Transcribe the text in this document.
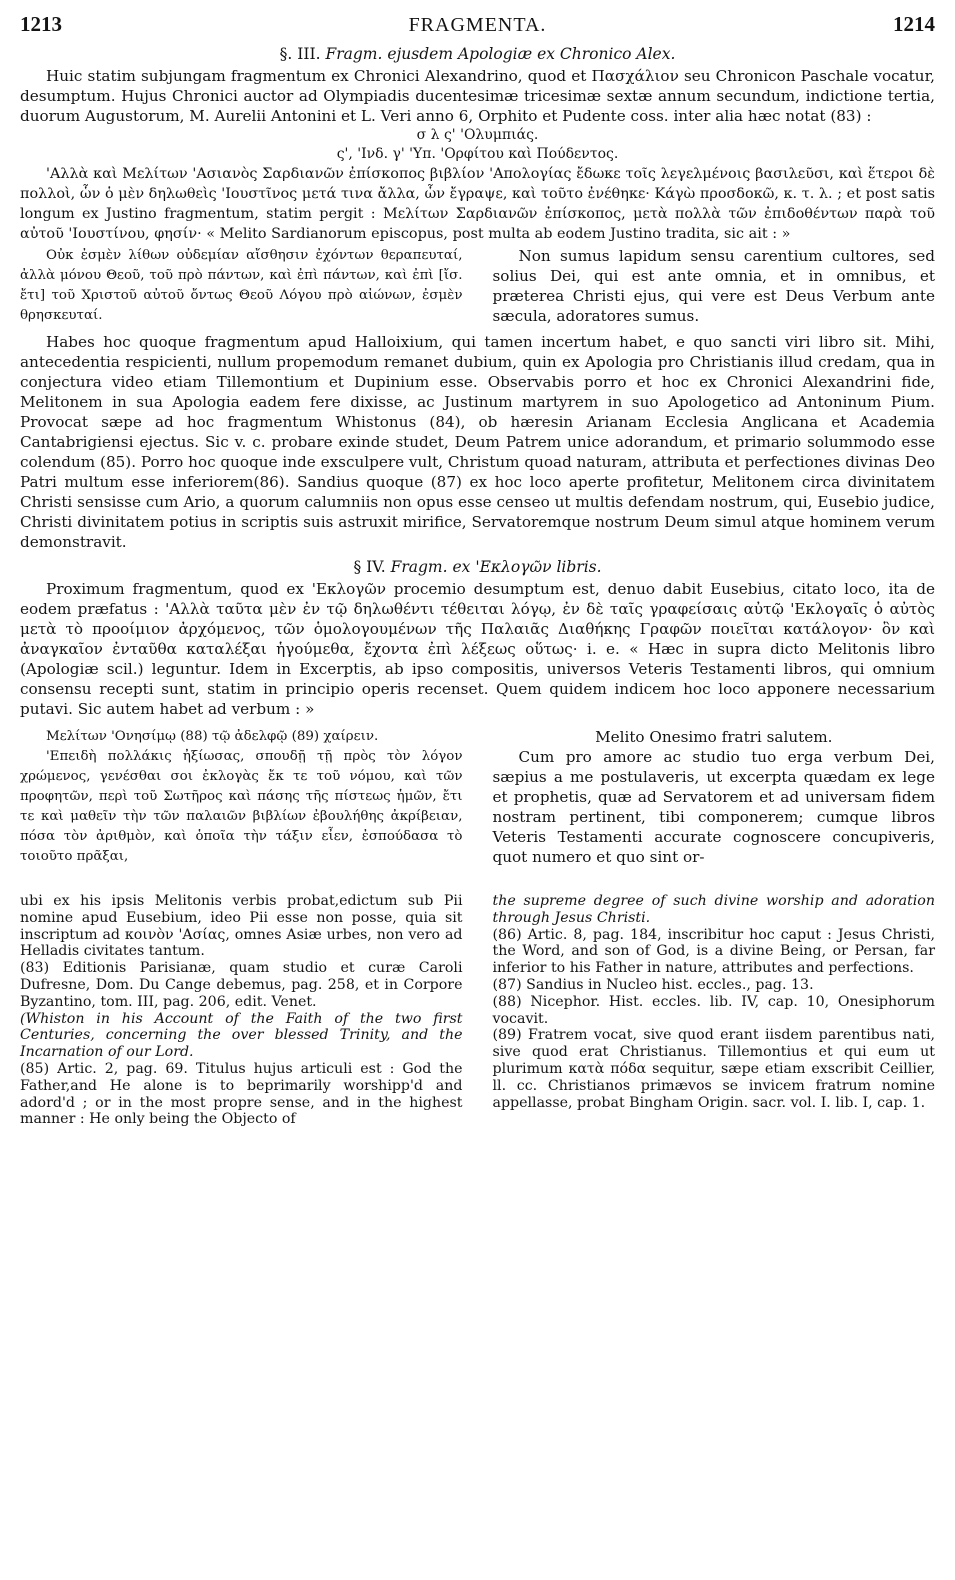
1213	FRAGMENTA.	1214
§. III. Fragm. ejusdem Apologiæ ex Chronico Alex.

Huic statim subjungam fragmentum ex Chronici Alexandrino, quod et Πασχάλιον seu Chronicon Paschale vocatur, desumptum. Hujus Chronici auctor ad Olympiadis ducentesimæ tricesimæ sextæ annum secundum, indictione tertia, duorum Augustorum, M. Aurelii Antonini et L. Veri anno 6, Orphito et Pudente coss. inter alia hæc notat (83) :

σ λ ς' 'Ολυμπιάς.

ς', 'Ινδ. γ' 'Υπ. 'Ορφίτου καὶ Πούδεντος.

'Αλλὰ καὶ Μελίτων 'Ασιανὸς Σαρδιανῶν ἐπίσκοπος βιβλίον 'Απολογίας ἔδωκε τοῖς λεγελμένοις βασιλεῦσι, καὶ ἕτεροι δὲ πολλοὶ, ὧν ὁ μὲν δηλωθεὶς 'Ιουστῖνος μετά τινα ἄλλα, ὧν ἔγραψε, καὶ τοῦτο ἐνέθηκε· Κάγὼ προσδοκῶ, κ. τ. λ. ; et post satis longum ex Justino fragmentum, statim pergit : Μελίτων Σαρδιανῶν ἐπίσκοπος, μετὰ πολλὰ τῶν ἐπιδοθέντων παρὰ τοῦ αὐτοῦ 'Ιουστίνου, φησίν· « Melito Sardianorum episcopus, post multa ab eodem Justino tradita, sic ait : »

Οὐκ ἐσμὲν λίθων οὐδεμίαν αἴσθησιν ἐχόντων θεραπευταί, ἀλλὰ μόνου Θεοῦ, τοῦ πρὸ πάντων, καὶ ἐπὶ πάντων, καὶ ἐπὶ [ἴσ. ἔτι] τοῦ Χριστοῦ αὐτοῦ ὄντως Θεοῦ Λόγου πρὸ αἰώνων, ἐσμὲν θρησκευταί.
Non sumus lapidum sensu carentium cultores, sed solius Dei, qui est ante omnia, et in omnibus, et præterea Christi ejus, qui vere est Deus Verbum ante sæcula, adoratores sumus.

Habes hoc quoque fragmentum apud Halloixium, qui tamen incertum habet, e quo sancti viri libro sit. Mihi, antecedentia respicienti, nullum propemodum remanet dubium, quin ex Apologia pro Christianis illud credam, qua in conjectura video etiam Tillemontium et Dupinium esse. Observabis porro et hoc ex Chronici Alexandrini fide, Melitonem in sua Apologia eadem fere dixisse, ac Justinum martyrem in suo Apologetico ad Antoninum Pium. Provocat sæpe ad hoc fragmentum Whistonus (84), ob hæresin Arianam Ecclesia Anglicana et Academia Cantabrigiensi ejectus. Sic v. c. probare exinde studet, Deum Patrem unice adorandum, et primario solummodo esse colendum (85). Porro hoc quoque inde exsculpere vult, Christum quoad naturam, attributa et perfectiones divinas Deo Patri multum esse inferiorem(86). Sandius quoque (87) ex hoc loco aperte profitetur, Melitonem circa divinitatem Christi sensisse cum Ario, a quorum calumniis non opus esse censeo ut multis defendam nostrum, qui, Eusebio judice, Christi divinitatem potius in scriptis suis astruxit mirifice, Servatoremque nostrum Deum simul atque hominem verum demonstravit.

§ IV. Fragm. ex 'Εκλογῶν libris.

Proximum fragmentum, quod ex 'Εκλογῶν procemio desumptum est, denuo dabit Eusebius, citato loco, ita de eodem præfatus : 'Αλλὰ ταῦτα μὲν ἐν τῷ δηλωθέντι τέθειται λόγῳ, ἐν δὲ ταῖς γραφείσαις αὐτῷ 'Εκλογαῖς ὁ αὐτὸς μετὰ τὸ προοίμιον ἀρχόμενος, τῶν ὁμολογουμένων τῆς Παλαιᾶς Διαθήκης Γραφῶν ποιεῖται κατάλογον· ὃν καὶ ἀναγκαῖον ἐνταῦθα καταλέξαι ἡγούμεθα, ἔχοντα ἐπὶ λέξεως οὕτως· i. e. « Hæc in supra dicto Melitonis libro (Apologiæ scil.) leguntur. Idem in Excerptis, ab ipso compositis, universos Veteris Testamenti libros, qui omnium consensu recepti sunt, statim in principio operis recenset. Quem quidem indicem hoc loco apponere necessarium putavi. Sic autem habet ad verbum : »

Μελίτων 'Ονησίμῳ (88) τῷ ἀδελφῷ (89) χαίρειν.

'Επειδὴ πολλάκις ἠξίωσας, σπουδῇ τῇ πρὸς τὸν λόγον χρώμενος, γενέσθαι σοι ἐκλογὰς ἔκ τε τοῦ νόμου, καὶ τῶν προφητῶν, περὶ τοῦ Σωτῆρος καὶ πάσης τῆς πίστεως ἡμῶν, ἔτι τε καὶ μαθεῖν τὴν τῶν παλαιῶν βιβλίων ἐβουλήθης ἀκρίβειαν, πόσα τὸν ἀριθμὸν, καὶ ὁποῖα τὴν τάξιν εἶεν, ἐσπούδασα τὸ τοιοῦτο πρᾶξαι,

Melito Onesimo fratri salutem.

Cum pro amore ac studio tuo erga verbum Dei, sæpius a me postulaveris, ut excerpta quædam ex lege et prophetis, quæ ad Servatorem et ad universam fidem nostram pertinent, tibi componerem; cumque libros Veteris Testamenti accurate cognoscere concupiveris, quot numero et quo sint or-

ubi ex his ipsis Melitonis verbis probat,edictum sub Pii nomine apud Eusebium, ideo Pii esse non posse, quia sit inscriptum ad κοινὸν 'Ασίας, omnes Asiæ urbes, non vero ad Helladis civitates tantum.

(83) Editionis Parisianæ, quam studio et curæ Caroli Dufresne, Dom. Du Cange debemus, pag. 258, et in Corpore Byzantino, tom. III, pag. 206, edit. Venet.

(Whiston in his Account of the Faith of the two first Centuries, concerning the over blessed Trinity, and the Incarnation of our Lord.

(85) Artic. 2, pag. 69. Titulus hujus articuli est : God the Father,and He alone is to beprimarily worshipp'd and adord'd ; or in the most propre sense, and in the highest manner : He only being the Objecto of

the supreme degree of such divine worship and adoration through Jesus Christi.

(86) Artic. 8, pag. 184, inscribitur hoc caput : Jesus Christi, the Word, and son of God, is a divine Being, or Persan, far inferior to his Father in nature, attributes and perfections.

(87) Sandius in Nucleo hist. eccles., pag. 13.

(88) Nicephor. Hist. eccles. lib. IV, cap. 10, Onesiphorum vocavit.

(89) Fratrem vocat, sive quod erant iisdem parentibus nati, sive quod erat Christianus. Tillemontius et qui eum ut plurimum κατὰ πόδα sequitur, sæpe etiam exscribit Ceillier, ll. cc. Christianos primævos se invicem fratrum nomine appellasse, probat Bingham Origin. sacr. vol. I. lib. I, cap. 1.
